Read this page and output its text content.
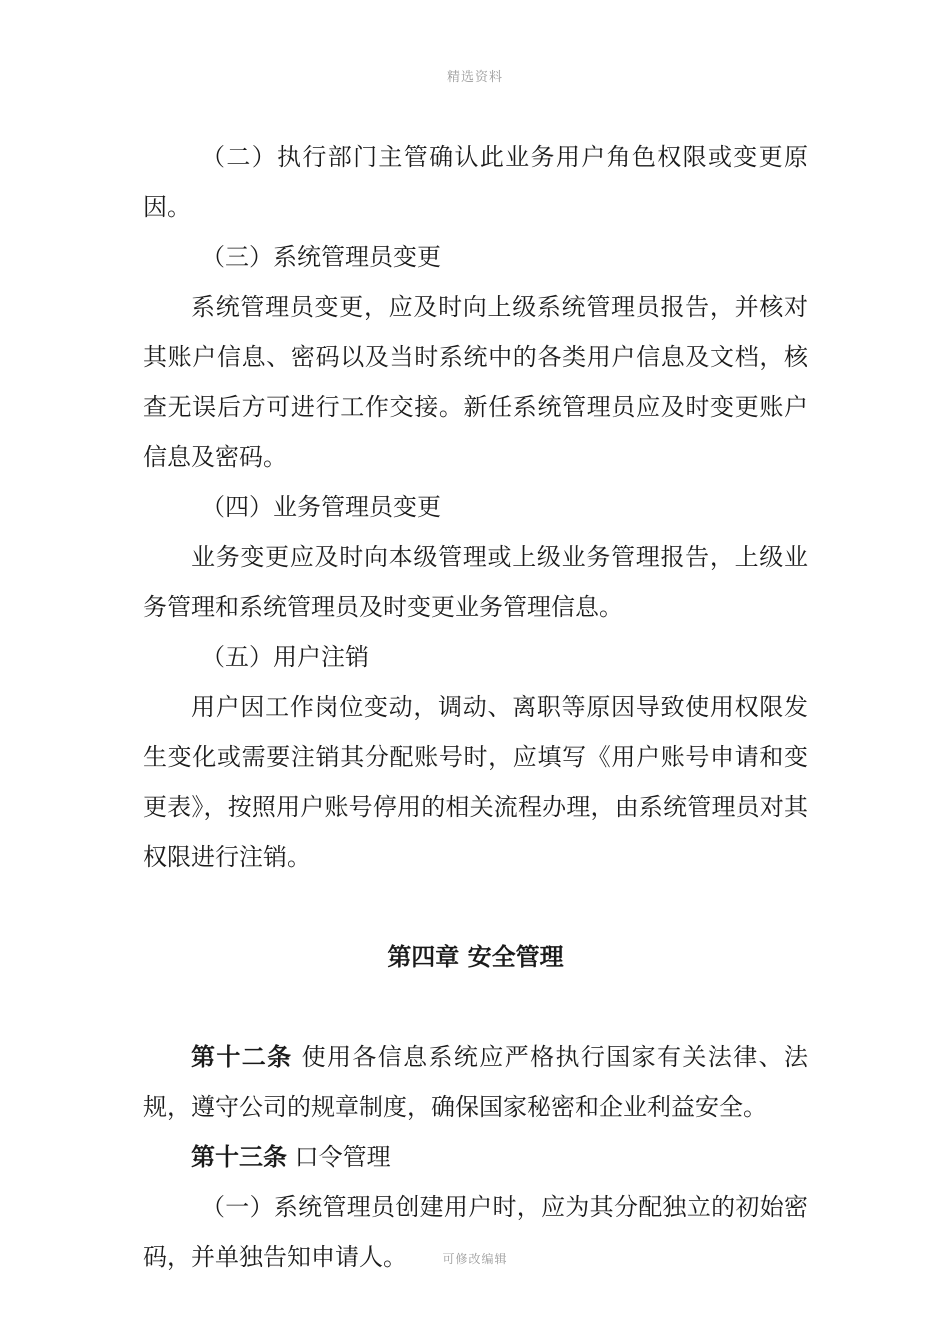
精选资料

（二）执行部门主管确认此业务用户角色权限或变更原因。

（三）系统管理员变更

系统管理员变更，应及时向上级系统管理员报告，并核对其账户信息、密码以及当时系统中的各类用户信息及文档，核查无误后方可进行工作交接。新任系统管理员应及时变更账户信息及密码。

（四）业务管理员变更

业务变更应及时向本级管理或上级业务管理报告，上级业务管理和系统管理员及时变更业务管理信息。

（五）用户注销

用户因工作岗位变动，调动、离职等原因导致使用权限发生变化或需要注销其分配账号时，应填写《用户账号申请和变更表》，按照用户账号停用的相关流程办理，由系统管理员对其权限进行注销。

第四章 安全管理

第十二条 使用各信息系统应严格执行国家有关法律、法规，遵守公司的规章制度，确保国家秘密和企业利益安全。

第十三条 口令管理

（一）系统管理员创建用户时，应为其分配独立的初始密码，并单独告知申请人。	可修改编辑
